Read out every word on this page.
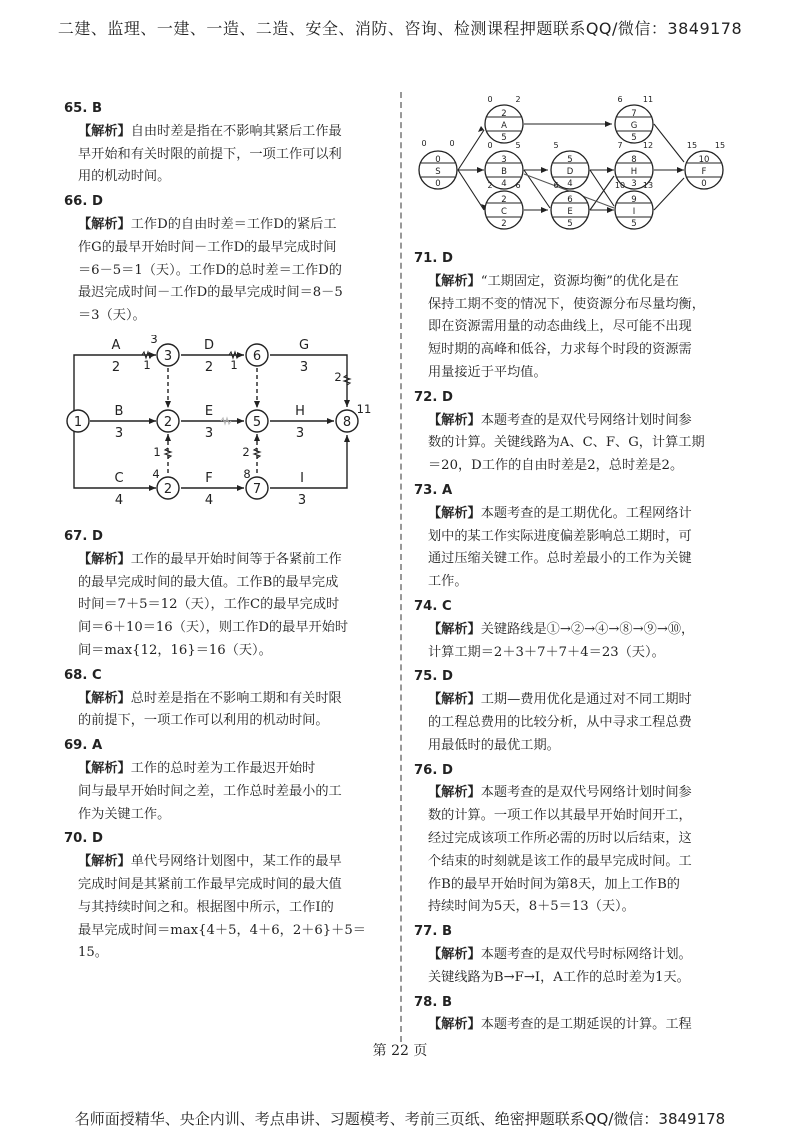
二建、监理、一建、一造、二造、安全、消防、咨询、检测课程押题联系QQ/微信：3849178
65. B

【解析】自由时差是指在不影响其紧后工作最

早开始和有关时限的前提下，一项工作可以利

用的机动时间。

66. D

【解析】工作D的自由时差＝工作D的紧后工

作G的最早开始时间－工作D的最早完成时间

＝6－5＝1（天）。工作D的总时差＝工作D的

最迟完成时间－工作D的最早完成时间＝8－5

＝3（天）。

1
3	6
2	5	8
2	7
A
2
D
2
G
3
B
3
E
3
H
3
C
4
F
4
I
3
3
1	1
1
4
2
8
2
11
67. D

【解析】工作的最早开始时间等于各紧前工作

的最早完成时间的最大值。工作B的最早完成

时间＝7＋5＝12（天），工作C的最早完成时

间＝6＋10＝16（天），则工作D的最早开始时

间＝max{12，16}＝16（天）。

68. C

【解析】总时差是指在不影响工期和有关时限

的前提下，一项工作可以利用的机动时间。

69. A

【解析】工作的总时差为工作最迟开始时

间与最早开始时间之差，工作总时差最小的工

作为关键工作。

70. D

【解析】单代号网络计划图中，某工作的最早

完成时间是其紧前工作最早完成时间的最大值

与其持续时间之和。根据图中所示，工作I的

最早完成时间＝max{4＋5，4＋6，2＋6}＋5＝

15。

0
S
0
2
A
5
3
B
4
2
C
2
5
D
4
6
E
5
7
G
5
8
H
3
9
I
5
10
F
0
0	0
0	2
0	5	5
6	11
7	12	15 15
6	6	10 13
2
71. D

【解析】“工期固定，资源均衡”的优化是在

保持工期不变的情况下，使资源分布尽量均衡，

即在资源需用量的动态曲线上，尽可能不出现

短时期的高峰和低谷，力求每个时段的资源需

用量接近于平均值。

72. D

【解析】本题考查的是双代号网络计划时间参

数的计算。关键线路为A、C、F、G，计算工期

＝20，D工作的自由时差是2，总时差是2。

73. A

【解析】本题考查的是工期优化。工程网络计

划中的某工作实际进度偏差影响总工期时，可

通过压缩关键工作。总时差最小的工作为关键

工作。

74. C

【解析】关键路线是①→②→④→⑧→⑨→⑩，

计算工期＝2＋3＋7＋7＋4＝23（天）。

75. D

【解析】工期—费用优化是通过对不同工期时

的工程总费用的比较分析，从中寻求工程总费

用最低时的最优工期。

76. D

【解析】本题考查的是双代号网络计划时间参

数的计算。一项工作以其最早开始时间开工，

经过完成该项工作所必需的历时以后结束，这

个结束的时刻就是该工作的最早完成时间。工

作B的最早开始时间为第8天，加上工作B的

持续时间为5天，8＋5＝13（天）。

77. B

【解析】本题考查的是双代号时标网络计划。

关键线路为B→F→I，A工作的总时差为1天。

78. B

【解析】本题考查的是工期延误的计算。工程

第 22 页
名师面授精华、央企内训、考点串讲、习题模考、考前三页纸、绝密押题联系QQ/微信：3849178
